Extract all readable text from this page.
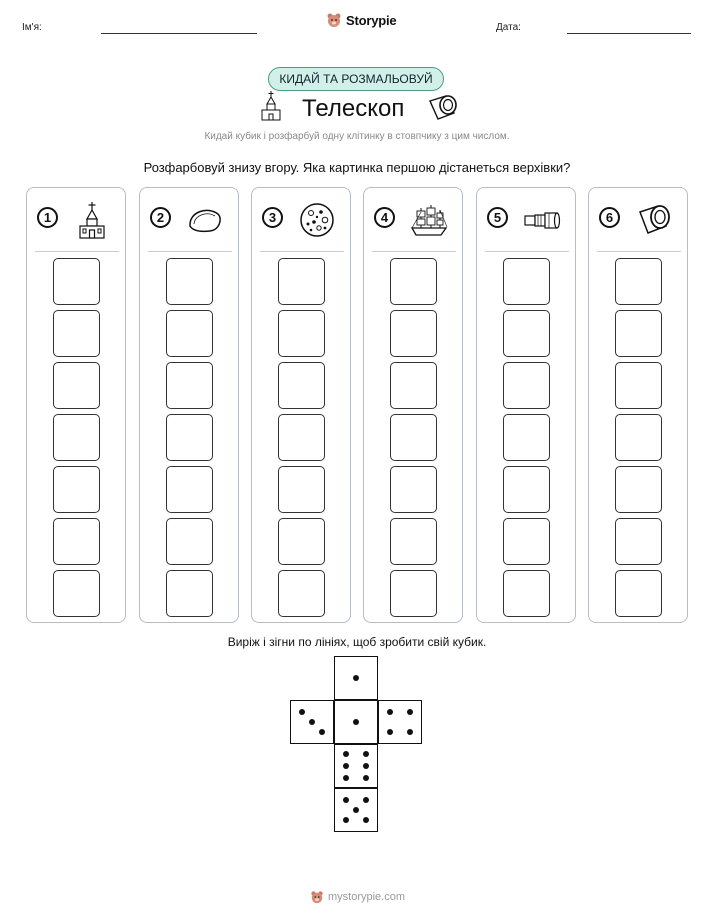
Ім'я:	Storypie	Дата:
КИДАЙ ТА РОЗМАЛЬОВУЙ
Телескоп
Кидай кубик і розфарбуй одну клітинку в стовпчику з цим числом.
Розфарбовуй знизу вгору. Яка картинка першою дістанеться верхівки?
1	2	3	4	5	6
Виріж і зігни по лініях, щоб зробити свій кубик.
mystorypie.com
